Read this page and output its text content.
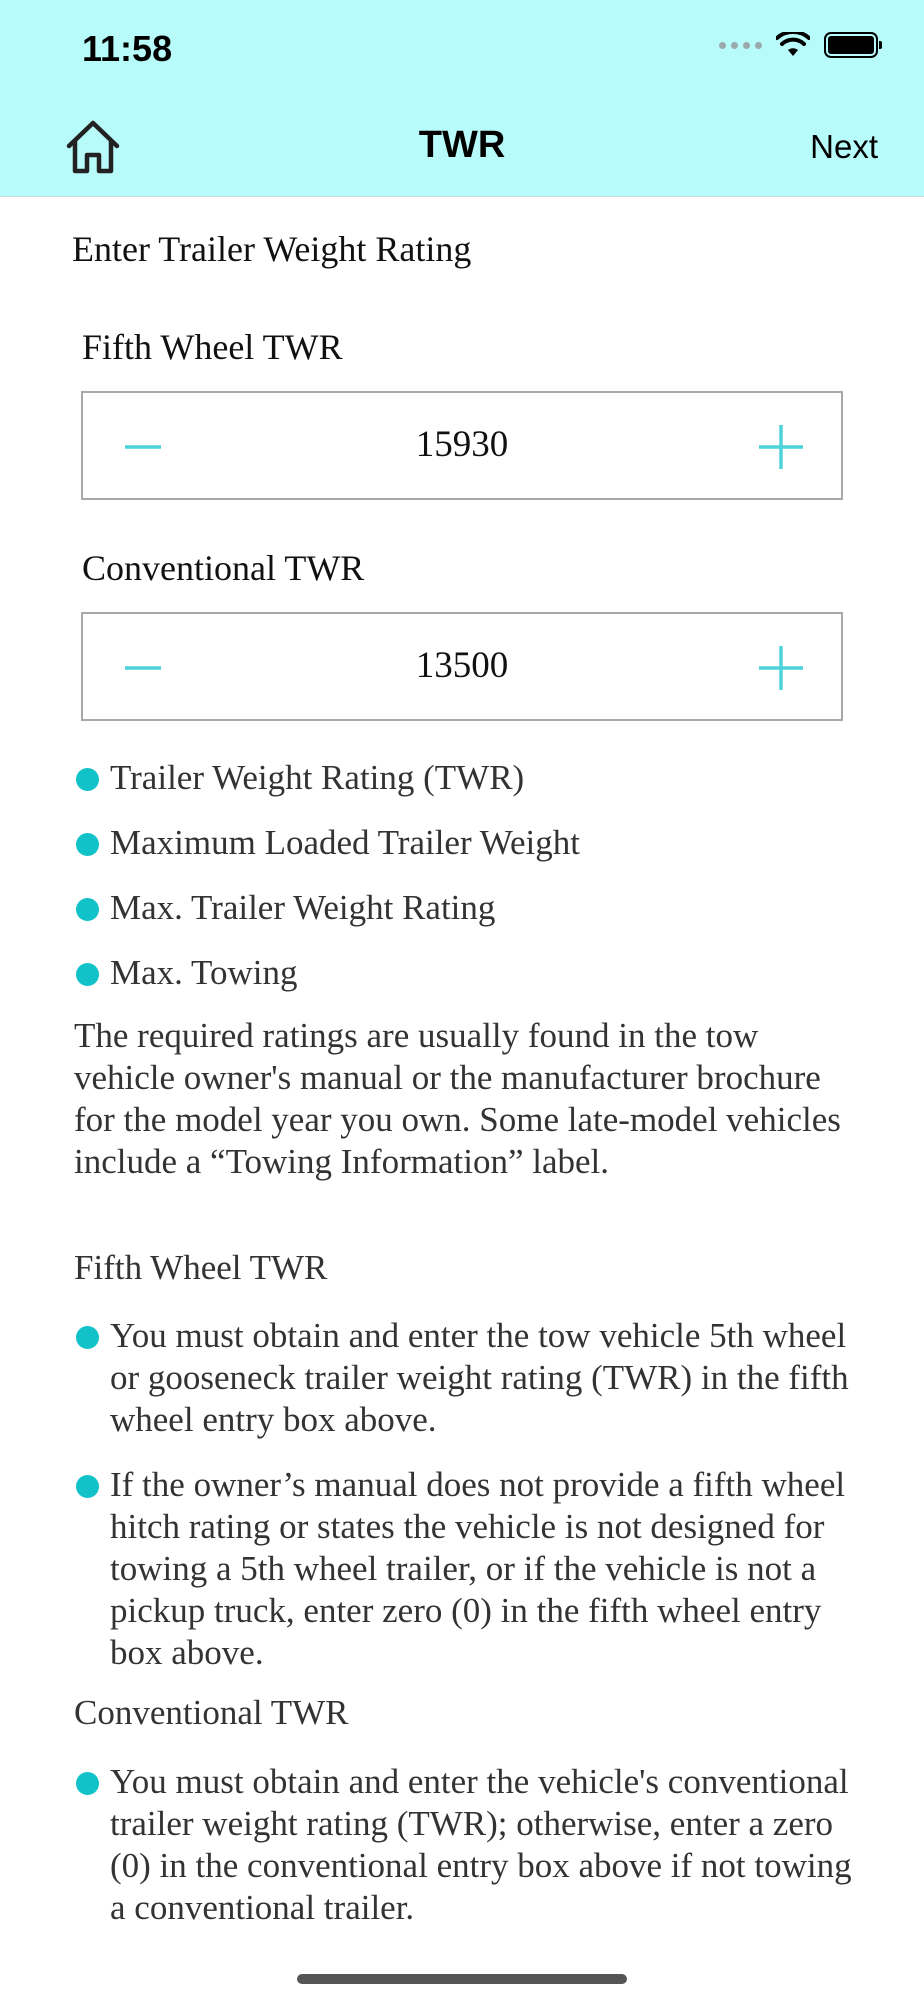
11:58
TWR	Next
Enter Trailer Weight Rating
Fifth Wheel TWR
15930
Conventional TWR
13500
Trailer Weight Rating (TWR)
Maximum Loaded Trailer Weight
Max. Trailer Weight Rating
Max. Towing
The required ratings are usually found in the tow vehicle owner's manual or the manufacturer brochure for the model year you own. Some late-model vehicles include a “Towing Information” label.
Fifth Wheel TWR
You must obtain and enter the tow vehicle 5th wheel or gooseneck trailer weight rating (TWR) in the fifth wheel entry box above.
If the owner’s manual does not provide a fifth wheel hitch rating or states the vehicle is not designed for towing a 5th wheel trailer, or if the vehicle is not a pickup truck, enter zero (0) in the fifth wheel entry box above.
Conventional TWR
You must obtain and enter the vehicle's conventional trailer weight rating (TWR); otherwise, enter a zero (0) in the conventional entry box above if not towing a conventional trailer.
